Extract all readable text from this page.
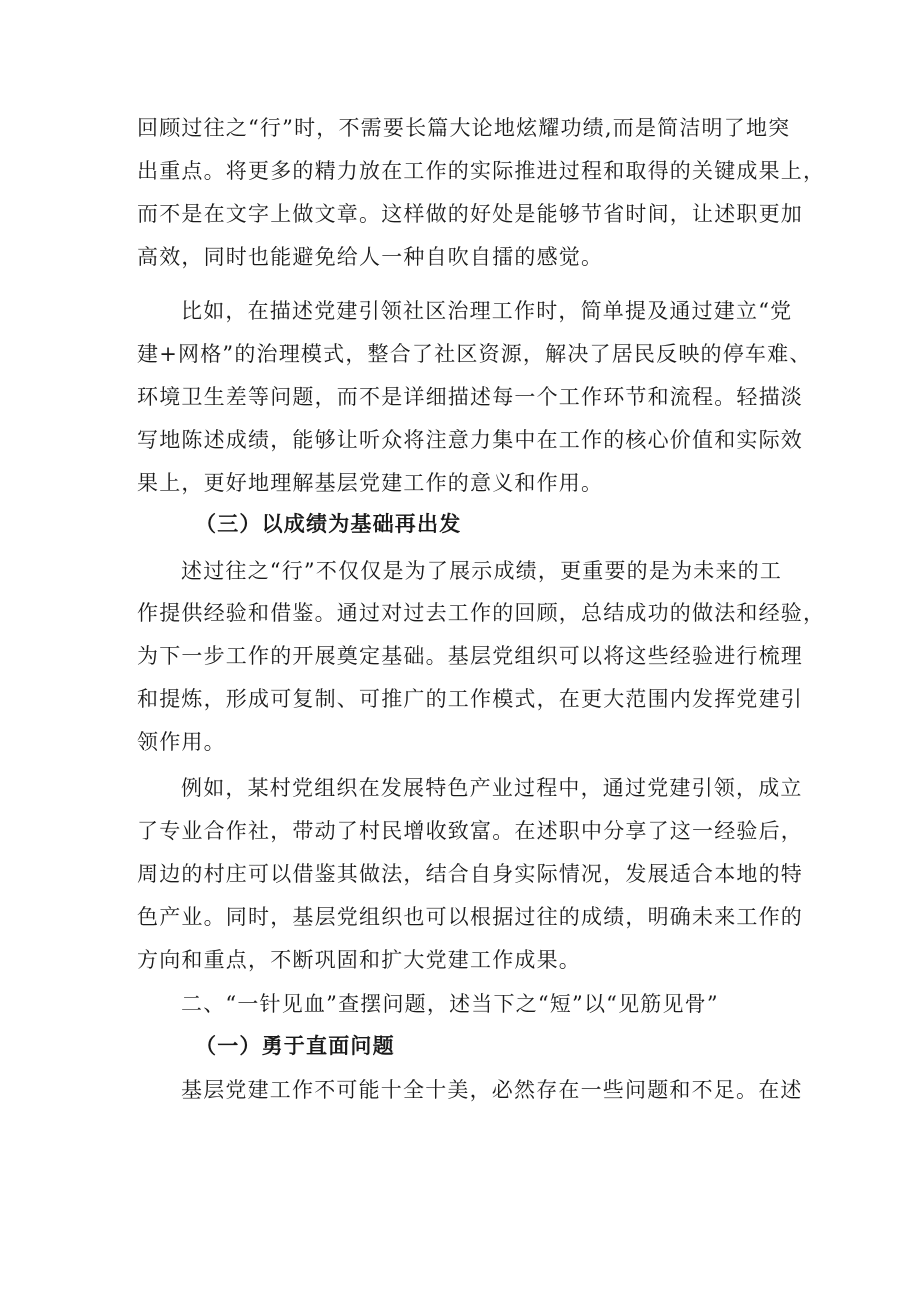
回顾过往之“行”时，不需要长篇大论地炫耀功绩,而是简洁明了地突
出重点。将更多的精力放在工作的实际推进过程和取得的关键成果上，
而不是在文字上做文章。这样做的好处是能够节省时间，让述职更加
高效，同时也能避免给人一种自吹自擂的感觉。
比如，在描述党建引领社区治理工作时，简单提及通过建立“党
建+网格”的治理模式，整合了社区资源，解决了居民反映的停车难、
环境卫生差等问题，而不是详细描述每一个工作环节和流程。轻描淡
写地陈述成绩，能够让听众将注意力集中在工作的核心价值和实际效
果上，更好地理解基层党建工作的意义和作用。
（三）以成绩为基础再出发
述过往之“行”不仅仅是为了展示成绩，更重要的是为未来的工
作提供经验和借鉴。通过对过去工作的回顾，总结成功的做法和经验，
为下一步工作的开展奠定基础。基层党组织可以将这些经验进行梳理
和提炼，形成可复制、可推广的工作模式，在更大范围内发挥党建引
领作用。
例如，某村党组织在发展特色产业过程中，通过党建引领，成立
了专业合作社，带动了村民增收致富。在述职中分享了这一经验后，
周边的村庄可以借鉴其做法，结合自身实际情况，发展适合本地的特
色产业。同时，基层党组织也可以根据过往的成绩，明确未来工作的
方向和重点，不断巩固和扩大党建工作成果。
二、“一针见血”查摆问题，述当下之“短”以“见筋见骨”
（一）勇于直面问题
基层党建工作不可能十全十美，必然存在一些问题和不足。在述
